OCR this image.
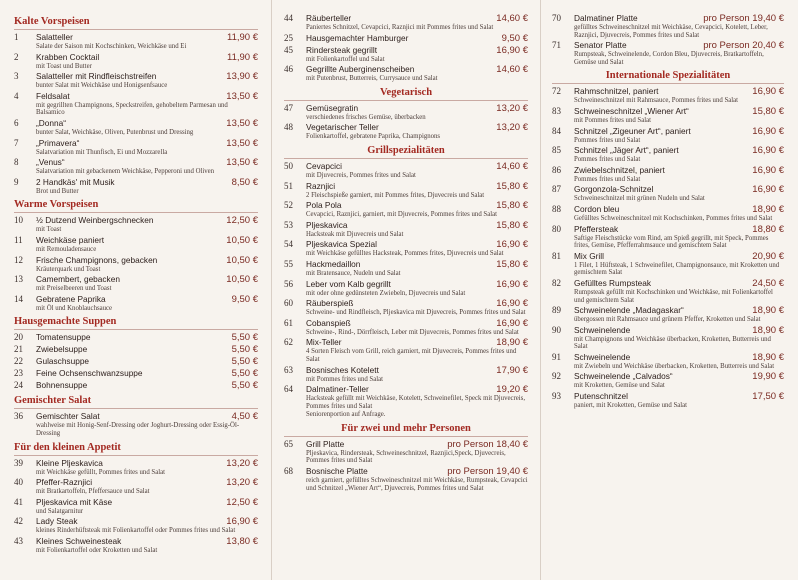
Kalte Vorspeisen
1	Salatteller	11,90 €
Salate der Saison mit Kochschinken, Weichkäse und Ei
2	Krabben Cocktail	11,90 €
mit Toast und Butter
3	Salatteller mit Rindfleischstreifen	13,90 €
bunter Salat mit Weichkäse und Honigsenfsauce
4	Feldsalat	13,50 €
mit gegrillten Champignons, Speckstreifen, gehobeltem Parmesan und Balsamico
6	„Donna“	13,50 €
bunter Salat, Weichkäse, Oliven, Putenbrust und Dressing
7	„Primavera“	13,50 €
Salatvariation mit Thunfisch, Ei und Mozzarella
8	„Venus“	13,50 €
Salatvariation mit gebackenem Weichkäse, Pepperoni und Oliven
9	2 Handkäs' mit Musik	8,50 €
Brot und Butter
Warme Vorspeisen
10	½ Dutzend Weinbergschnecken	12,50 €
mit Toast
11	Weichkäse paniert	10,50 €
mit Remouladensauce
12	Frische Champignons, gebacken	10,50 €
Kräuterquark und Toast
13	Camembert, gebacken	10,50 €
mit Preiselbeeren und Toast
14	Gebratene Paprika	9,50 €
mit Öl und Knoblauchsauce
Hausgemachte Suppen
20	Tomatensuppe	5,50 €
21	Zwiebelsuppe	5,50 €
22	Gulaschsuppe	5,50 €
23	Feine Ochsenschwanzsuppe	5,50 €
24	Bohnensuppe	5,50 €
Gemischter Salat
36	Gemischter Salat	4,50 €
wahlweise mit Honig-Senf-Dressing oder Joghurt-Dressing oder Essig-Öl-Dressing
Für den kleinen Appetit
39	Kleine Pljeskavica	13,20 €
mit Weichkäse gefüllt, Pommes frites und Salat
40	Pfeffer-Raznjici	13,20 €
mit Bratkartoffeln, Pfeffersauce und Salat
41	Pljeskavica mit Käse	12,50 €
und Salatgarnitur
42	Lady Steak	16,90 €
kleines Rinderhüftsteak mit Folienkartoffel oder Pommes frites und Salat
43	Kleines Schweinesteak	13,80 €
mit Folienkartoffel oder Kroketten und Salat
44	Räuberteller	14,60 €
Paniertes Schnitzel, Cevapcici, Raznjici mit Pommes frites und Salat
25	Hausgemachter Hamburger	9,50 €
45	Rindersteak gegrillt	16,90 €
mit Folienkartoffel und Salat
46	Gegrillte Auberginenscheiben	14,60 €
mit Putenbrust, Butterreis, Currysauce und Salat
Vegetarisch
47	Gemüsegratin	13,20 €
verschiedenes frisches Gemüse, überbacken
48	Vegetarischer Teller	13,20 €
Folienkartoffel, gebratene Paprika, Champignons
Grillspezialitäten
50	Cevapcici	14,60 €
mit Djuvecreis, Pommes frites und Salat
51	Raznjici	15,80 €
2 Fleischspieße garniert, mit Pommes frites, Djuvecreis und Salat
52	Pola Pola	15,80 €
Cevapcici, Raznjici, garniert, mit Djuvecreis, Pommes frites und Salat
53	Pljeskavica	15,80 €
Hacksteak mit Djuvecreis und Salat
54	Pljeskavica Spezial	16,90 €
mit Weichkäse gefülltes Hacksteak, Pommes frites, Djuvecreis und Salat
55	Hackmedaillon	15,80 €
mit Bratensauce, Nudeln und Salat
56	Leber vom Kalb gegrillt	16,90 €
mit oder ohne gedünsteten Zwiebeln, Djuvecreis und Salat
60	Räuberspieß	16,90 €
Schweine- und Rindfleisch, Pljeskavica mit Djuvecreis, Pommes frites und Salat
61	Cobanspieß	16,90 €
Schweine-, Rind-, Dörrfleisch, Leber mit Djuvecreis, Pommes frites und Salat
62	Mix-Teller	18,90 €
4 Sorten Fleisch vom Grill, reich garniert, mit Djuvecreis, Pommes frites und Salat
63	Bosnisches Kotelett	17,90 €
mit Pommes frites und Salat
64	Dalmatiner-Teller	19,20 €
Hacksteak gefüllt mit Weichkäse, Kotelett, Schweinefilet, Speck mit Djuvecreis, Pommes frites und Salat
Seniorenportion auf Anfrage.
Für zwei und mehr Personen
65	Grill Platte	pro Person 18,40 €
Pljeskavica, Rindersteak, Schweineschnitzel, Raznjici,Speck, Djuvecreis, Pommes frites und Salat
68	Bosnische Platte	pro Person 19,40 €
reich garniert, gefülltes Schweineschnitzel mit Weichkäse, Rumpsteak, Cevapcici und Schnitzel „Wiener Art“, Djuvecreis, Pommes frites und Salat
70	Dalmatiner Platte	pro Person 19,40 €
gefülltes Schweineschnitzel mit Weichkäse, Cevapcici, Kotelett, Leber, Raznjici, Djuvecreis, Pommes frites und Salat
71	Senator Platte	pro Person 20,40 €
Rumpsteak, Schweinelende, Cordon Bleu, Djuvecreis, Bratkartoffeln, Gemüse und Salat
Internationale Spezialitäten
72	Rahmschnitzel, paniert	16,90 €
Schweineschnitzel mit Rahmsauce, Pommes frites und Salat
83	Schweineschnitzel „Wiener Art“	15,80 €
mit Pommes frites und Salat
84	Schnitzel „Zigeuner Art“, paniert	16,90 €
Pommes frites und Salat
85	Schnitzel „Jäger Art“, paniert	16,90 €
Pommes frites und Salat
86	Zwiebelschnitzel, paniert	16,90 €
Pommes frites und Salat
87	Gorgonzola-Schnitzel	16,90 €
Schweineschnitzel mit grünen Nudeln und Salat
88	Cordon bleu	18,90 €
Gefülltes Schweineschnitzel mit Kochschinken, Pommes frites und Salat
80	Pfeffersteak	18,80 €
Saftige Fleischstücke vom Rind, am Spieß gegrillt, mit Speck, Pommes frites, Gemüse, Pfefferrahmsauce und gemischtem Salat
81	Mix Grill	20,90 €
1 Filet, 1 Hüftsteak, 1 Schweinefilet, Champignonsauce, mit Kroketten und gemischtem Salat
82	Gefülltes Rumpsteak	24,50 €
Rumpsteak gefüllt mit Kochschinken und Weichkäse, mit Folienkartoffel und gemischtem Salat
89	Schweinelende „Madagaskar“	18,90 €
übergossen mit Rahmsauce und grünem Pfeffer, Kroketten und Salat
90	Schweinelende	18,90 €
mit Champignons und Weichkäse überbacken, Kroketten, Butterreis und Salat
91	Schweinelende	18,90 €
mit Zwiebeln und Weichkäse überbacken, Kroketten, Butterreis und Salat
92	Schweinelende „Calvados“	19,90 €
mit Kroketten, Gemüse und Salat
93	Putenschnitzel	17,50 €
paniert, mit Kroketten, Gemüse und Salat
